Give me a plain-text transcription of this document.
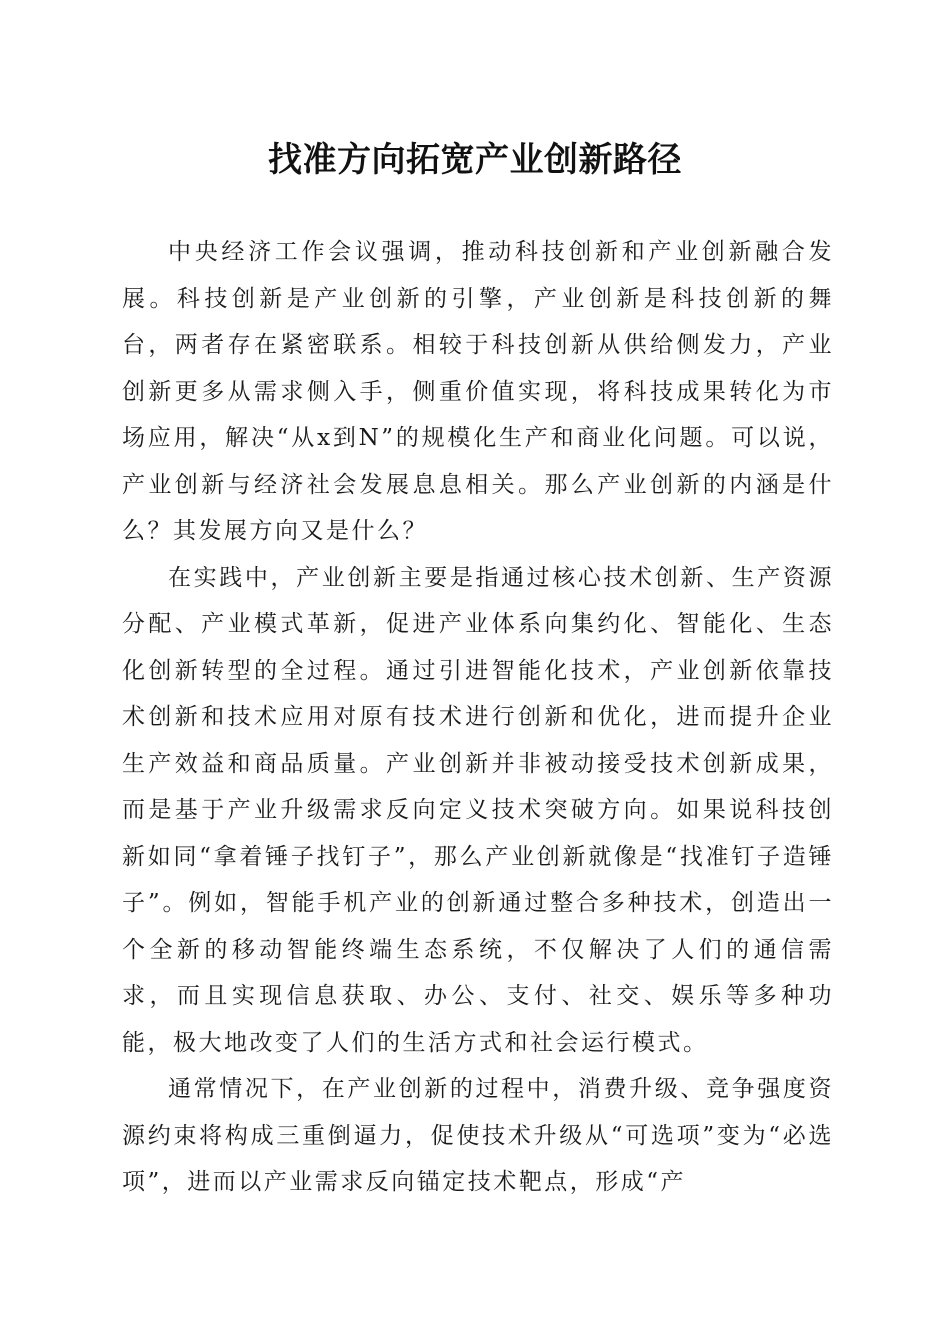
找准方向拓宽产业创新路径

中央经济工作会议强调，推动科技创新和产业创新融合发展。科技创新是产业创新的引擎，产业创新是科技创新的舞台，两者存在紧密联系。相较于科技创新从供给侧发力，产业创新更多从需求侧入手，侧重价值实现，将科技成果转化为市场应用，解决“从x到N”的规模化生产和商业化问题。可以说，产业创新与经济社会发展息息相关。那么产业创新的内涵是什么？其发展方向又是什么？

在实践中，产业创新主要是指通过核心技术创新、生产资源分配、产业模式革新，促进产业体系向集约化、智能化、生态化创新转型的全过程。通过引进智能化技术，产业创新依靠技术创新和技术应用对原有技术进行创新和优化，进而提升企业生产效益和商品质量。产业创新并非被动接受技术创新成果，而是基于产业升级需求反向定义技术突破方向。如果说科技创新如同“拿着锤子找钉子”，那么产业创新就像是“找准钉子造锤子”。例如，智能手机产业的创新通过整合多种技术，创造出一个全新的移动智能终端生态系统，不仅解决了人们的通信需求，而且实现信息获取、办公、支付、社交、娱乐等多种功能，极大地改变了人们的生活方式和社会运行模式。

通常情况下，在产业创新的过程中，消费升级、竞争强度资源约束将构成三重倒逼力，促使技术升级从“可选项”变为“必选项”，进而以产业需求反向锚定技术靶点，形成“产
